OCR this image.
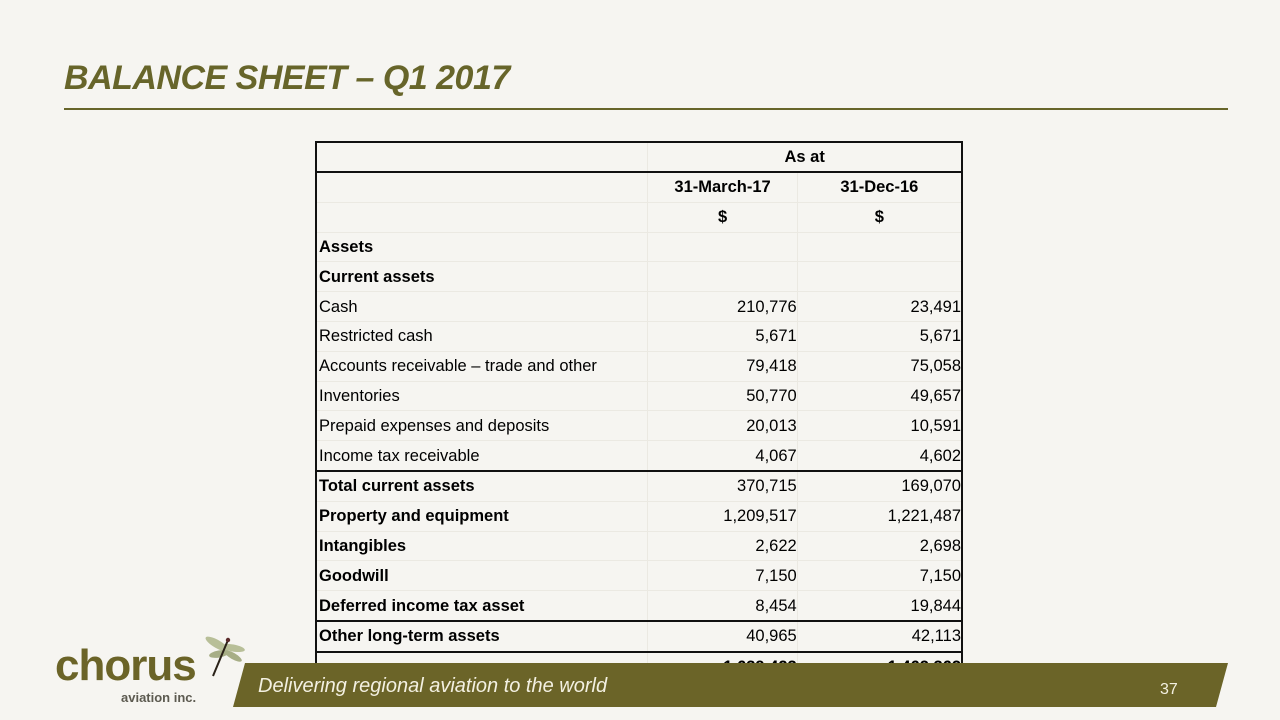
BALANCE SHEET – Q1 2017
	As at	
	31-March-17	31-Dec-16
	$	$
Assets		
Current assets		
Cash	210,776	23,491
Restricted cash	5,671	5,671
Accounts receivable – trade and other	79,418	75,058
Inventories	50,770	49,657
Prepaid expenses and deposits	20,013	10,591
Income tax receivable	4,067	4,602
Total current assets	370,715	169,070
Property and equipment	1,209,517	1,221,487
Intangibles	2,622	2,698
Goodwill	7,150	7,150
Deferred income tax asset	8,454	19,844
Other long-term assets	40,965	42,113

chorus
aviation inc.
Delivering regional aviation to the world	37
